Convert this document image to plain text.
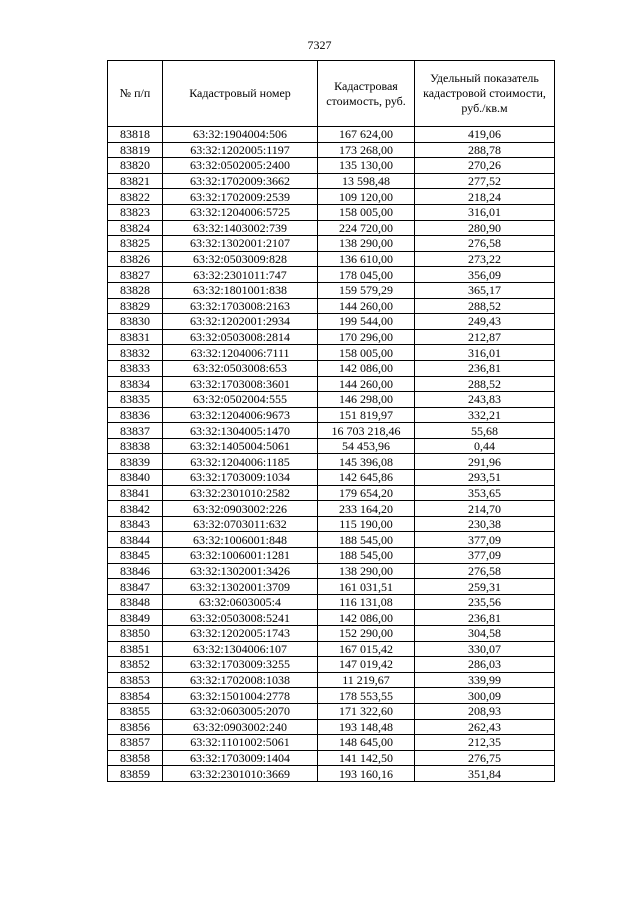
7327
№ п/п	Кадастровый номер	Кадастровая стоимость, руб.	Удельный показатель кадастровой стоимости, руб./кв.м
83818	63:32:1904004:506	167 624,00	419,06
83819	63:32:1202005:1197	173 268,00	288,78
83820	63:32:0502005:2400	135 130,00	270,26
83821	63:32:1702009:3662	13 598,48	277,52
83822	63:32:1702009:2539	109 120,00	218,24
83823	63:32:1204006:5725	158 005,00	316,01
83824	63:32:1403002:739	224 720,00	280,90
83825	63:32:1302001:2107	138 290,00	276,58
83826	63:32:0503009:828	136 610,00	273,22
83827	63:32:2301011:747	178 045,00	356,09
83828	63:32:1801001:838	159 579,29	365,17
83829	63:32:1703008:2163	144 260,00	288,52
83830	63:32:1202001:2934	199 544,00	249,43
83831	63:32:0503008:2814	170 296,00	212,87
83832	63:32:1204006:7111	158 005,00	316,01
83833	63:32:0503008:653	142 086,00	236,81
83834	63:32:1703008:3601	144 260,00	288,52
83835	63:32:0502004:555	146 298,00	243,83
83836	63:32:1204006:9673	151 819,97	332,21
83837	63:32:1304005:1470	16 703 218,46	55,68
83838	63:32:1405004:5061	54 453,96	0,44
83839	63:32:1204006:1185	145 396,08	291,96
83840	63:32:1703009:1034	142 645,86	293,51
83841	63:32:2301010:2582	179 654,20	353,65
83842	63:32:0903002:226	233 164,20	214,70
83843	63:32:0703011:632	115 190,00	230,38
83844	63:32:1006001:848	188 545,00	377,09
83845	63:32:1006001:1281	188 545,00	377,09
83846	63:32:1302001:3426	138 290,00	276,58
83847	63:32:1302001:3709	161 031,51	259,31
83848	63:32:0603005:4	116 131,08	235,56
83849	63:32:0503008:5241	142 086,00	236,81
83850	63:32:1202005:1743	152 290,00	304,58
83851	63:32:1304006:107	167 015,42	330,07
83852	63:32:1703009:3255	147 019,42	286,03
83853	63:32:1702008:1038	11 219,67	339,99
83854	63:32:1501004:2778	178 553,55	300,09
83855	63:32:0603005:2070	171 322,60	208,93
83856	63:32:0903002:240	193 148,48	262,43
83857	63:32:1101002:5061	148 645,00	212,35
83858	63:32:1703009:1404	141 142,50	276,75
83859	63:32:2301010:3669	193 160,16	351,84
